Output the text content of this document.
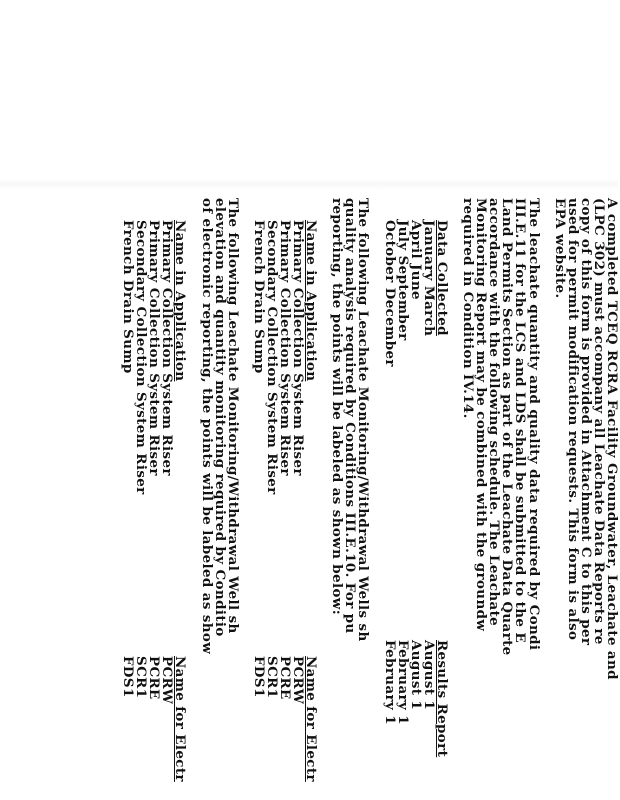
A completed TCEQ RCRA Facility Groundwater, Leachate and

(LPC 302) must accompany all Leachate Data Reports re

copy of this form is provided in Attachment C to this per

used for permit modification requests. This form is also

EPA website.

The leachate quantity and quality data required by Condi

III.E.11 for the LCS and LDS shall be submitted to the E

Land Permits Section as part of the Leachate Data Quarte

accordance with the following schedule. The Leachate

Monitoring Report may be combined with the groundw

required in Condition IV.14.

Data Collected
Results Report
January March
August 1
April June
August 1
July September
February 1
October December
February 1

The following Leachate Monitoring/Withdrawal Wells sh

quality analysis required by Conditions III.E.10. For pu

reporting, the points will be labeled as shown below:

Name in Application
Name for Electr
Primary Collection System Riser
PCRW
Primary Collection System Riser
PCRE
Secondary Collection System Riser
SCR1
French Drain Sump
FDS1

The following Leachate Monitoring/Withdrawal Well sh

elevation and quantity monitoring required by Conditio

of electronic reporting, the points will be labeled as show

Name in Application
Name for Electr
Primary Collection System Riser
PCRW
Primary Collection System Riser
PCRE
Secondary Collection System Riser
SCR1
French Drain Sump
FDS1
